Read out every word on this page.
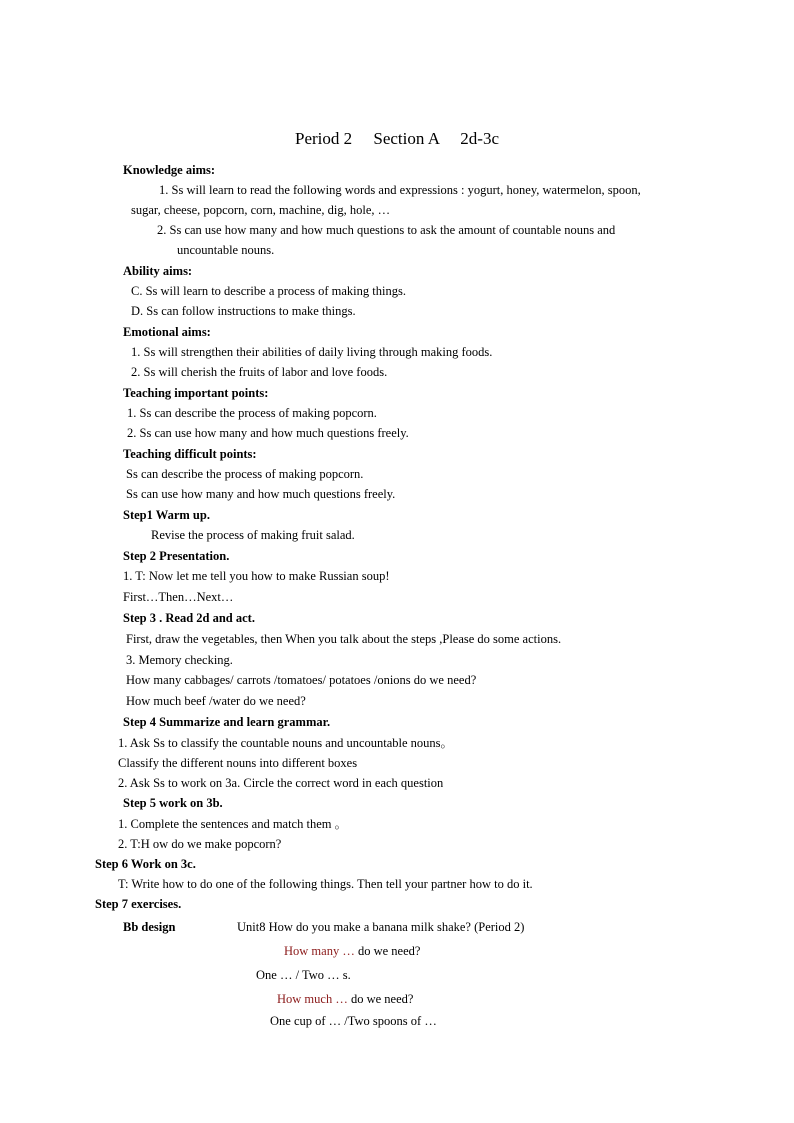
Period 2     Section A     2d-3c
Knowledge aims:
1. Ss will learn to read the following words and expressions : yogurt, honey, watermelon, spoon,
sugar, cheese, popcorn, corn, machine, dig, hole, …
2. Ss can use how many and how much questions to ask the amount of countable nouns and
uncountable nouns.
Ability aims:
C. Ss will learn to describe a process of making things.
D. Ss can follow instructions to make things.
Emotional aims:
1. Ss will strengthen their abilities of daily living through making foods.
2. Ss will cherish the fruits of labor and love foods.
Teaching important points:
1. Ss can describe the process of making popcorn.
2. Ss can use how many and how much questions freely.
Teaching difficult points:
Ss can describe the process of making popcorn.
Ss can use how many and how much questions freely.
Step1 Warm up.
Revise the process of making fruit salad.
Step 2 Presentation.
1. T: Now let me tell you how to make Russian soup!
First…Then…Next…
Step 3 . Read 2d and act.
First, draw the vegetables, then When you talk about the steps ,Please do some actions.
3. Memory checking.
How many cabbages/ carrots /tomatoes/ potatoes /onions do we need?
How much beef /water do we need?
Step 4 Summarize and learn grammar.
1. Ask Ss to classify the countable nouns and uncountable nouns。
Classify the different nouns into different boxes
2. Ask Ss to work on 3a. Circle the correct word in each question
Step 5 work on 3b.
1. Complete the sentences and match them 。
2. T:H ow do we make popcorn?
Step 6 Work on 3c.
T: Write how to do one of the following things. Then tell your partner how to do it.
Step 7 exercises.
Bb design	Unit8 How do you make a banana milk shake? (Period 2)
How many … do we need?
One … / Two … s.
How much … do we need?
One cup of … /Two spoons of …
